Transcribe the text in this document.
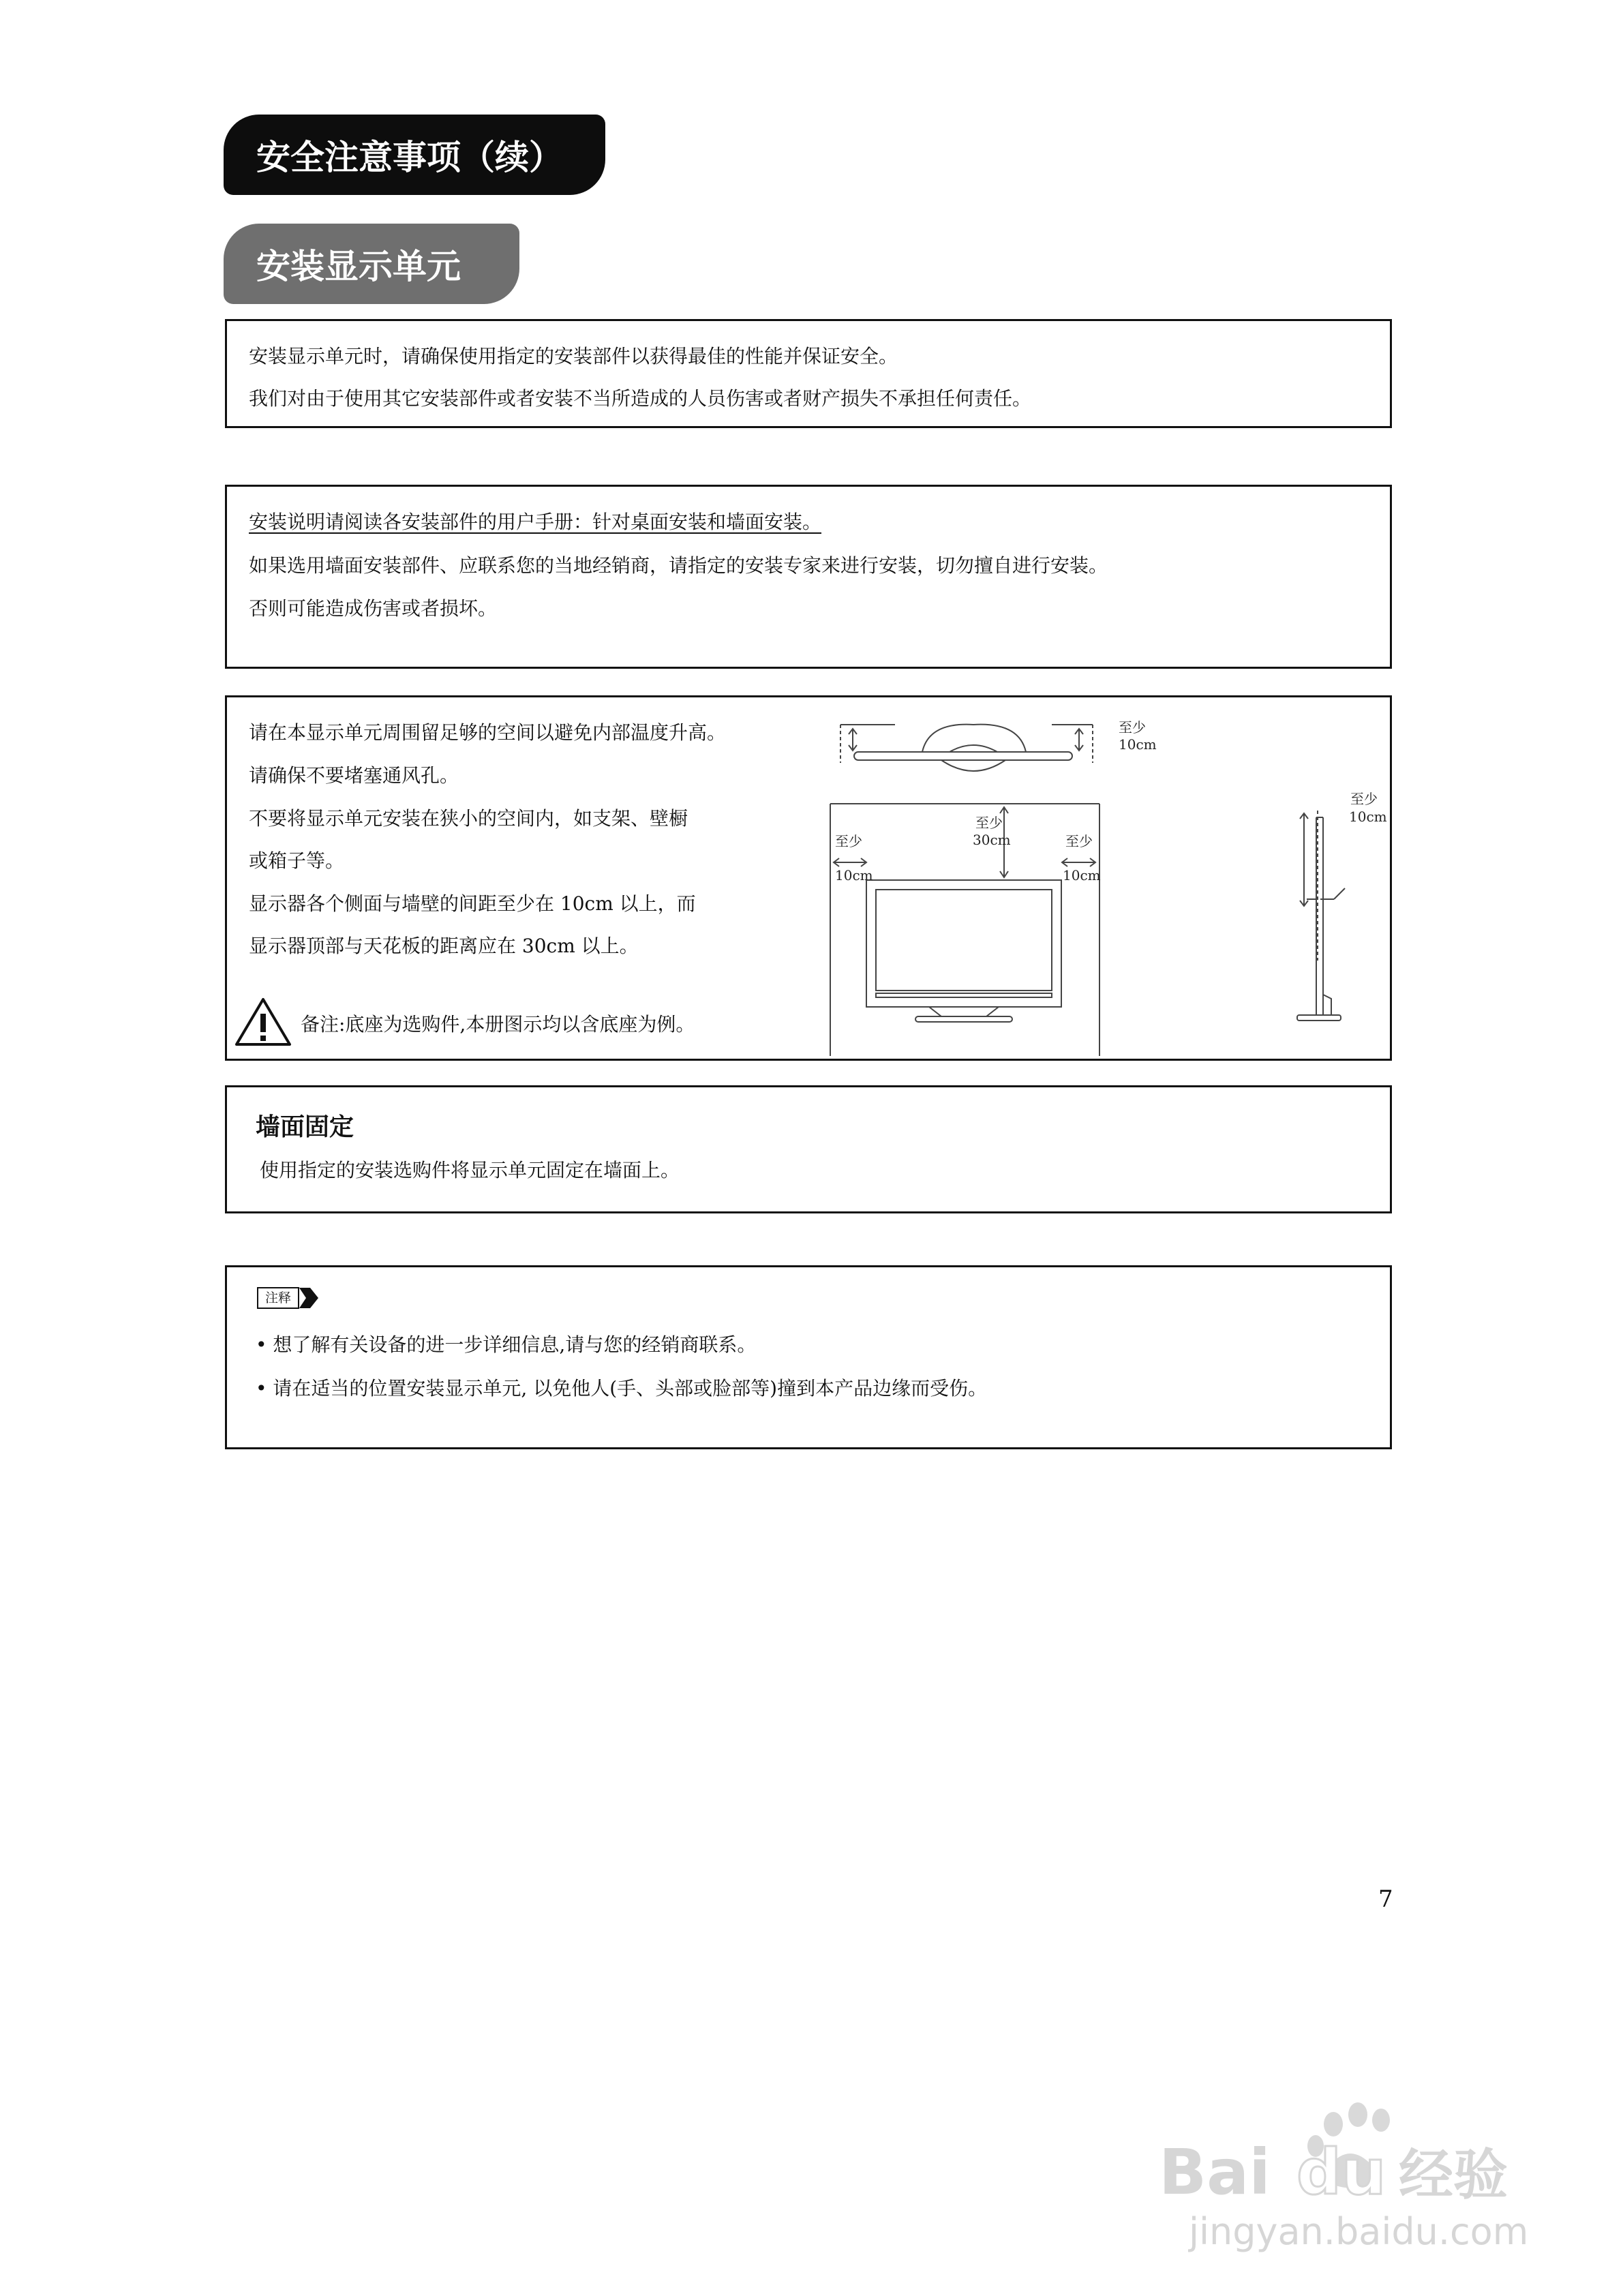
安全注意事项（续）
安装显示单元
安装显示单元时，请确保使用指定的安装部件以获得最佳的性能并保证安全。
我们对由于使用其它安装部件或者安装不当所造成的人员伤害或者财产损失不承担任何责任。
安装说明请阅读各安装部件的用户手册：针对桌面安装和墙面安装。
如果选用墙面安装部件、应联系您的当地经销商，请指定的安装专家来进行安装，切勿擅自进行安装。
否则可能造成伤害或者损坏。
请在本显示单元周围留足够的空间以避免内部温度升高。
请确保不要堵塞通风孔。
不要将显示单元安装在狭小的空间内，如支架、壁橱
或箱子等。
显示器各个侧面与墙壁的间距至少在 10cm 以上，而
显示器顶部与天花板的距离应在 30cm 以上。
备注:底座为选购件,本册图示均以含底座为例。
至少
10cm
至少
30cm
至少
10cm
至少
10cm
至少
10cm
墙面固定
使用指定的安装选购件将显示单元固定在墙面上。
注释
• 想了解有关设备的进一步详细信息,请与您的经销商联系。
• 请在适当的位置安装显示单元, 以免他人(手、头部或脸部等)撞到本产品边缘而受伤。
7
Bai du 经验
jingyan.baidu.com
